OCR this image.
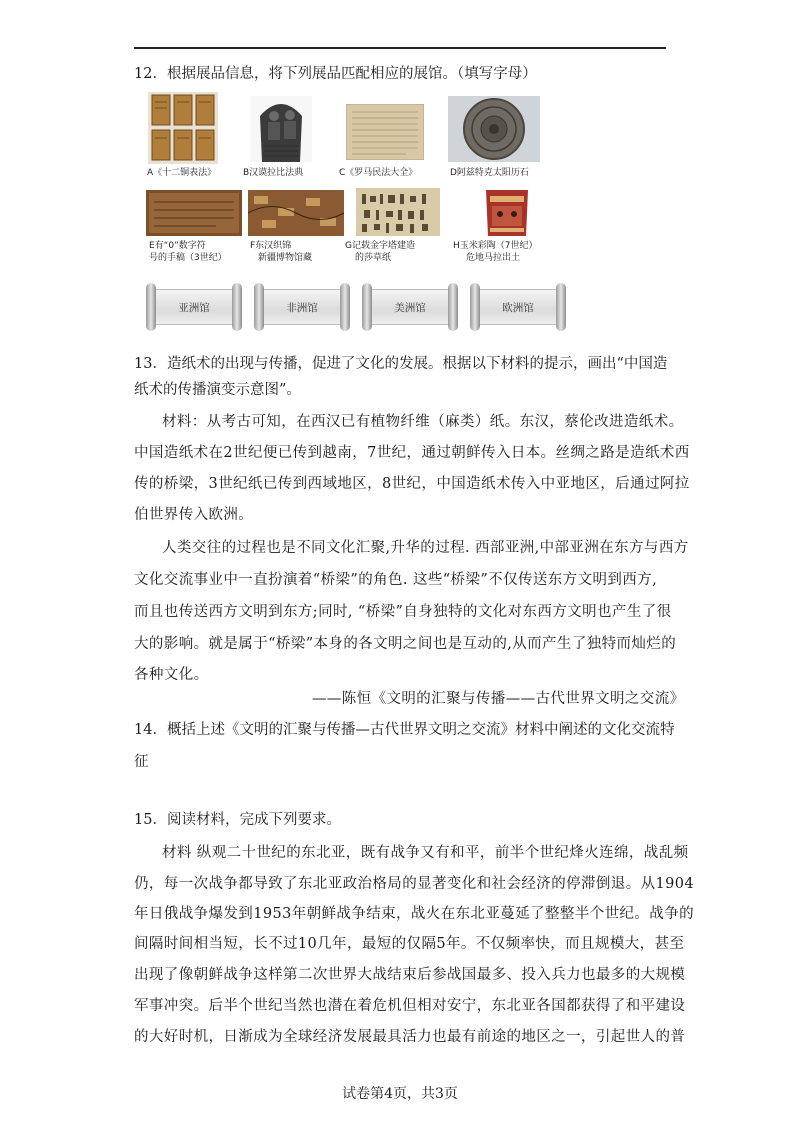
12．根据展品信息，将下列展品匹配相应的展馆。（填写字母）
A《十二铜表法》	B汉谟拉比法典	C《罗马民法大全》	D阿兹特克太阳历石
E有“0”数字符
号的手稿（3世纪）
F东汉织锦
新疆博物馆藏
G记载金字塔建造
的莎草纸
H玉米彩陶（7世纪）
危地马拉出土
亚洲馆	非洲馆	美洲馆	欧洲馆
13．造纸术的出现与传播，促进了文化的发展。根据以下材料的提示，画出“中国造
纸术的传播演变示意图”。
材料：从考古可知，在西汉已有植物纤维（麻类）纸。东汉，蔡伦改进造纸术。
中国造纸术在2世纪便已传到越南，7世纪，通过朝鲜传入日本。丝绸之路是造纸术西
传的桥梁，3世纪纸已传到西域地区，8世纪，中国造纸术传入中亚地区，后通过阿拉
伯世界传入欧洲。
人类交往的过程也是不同文化汇聚,升华的过程. 西部亚洲,中部亚洲在东方与西方
文化交流事业中一直扮演着“桥梁”的角色. 这些“桥梁”不仅传送东方文明到西方,
而且也传送西方文明到东方;同时, “桥梁”自身独特的文化对东西方文明也产生了很
大的影响。就是属于“桥梁”本身的各文明之间也是互动的,从而产生了独特而灿烂的
各种文化。
——陈恒《文明的汇聚与传播——古代世界文明之交流》
14．概括上述《文明的汇聚与传播—古代世界文明之交流》材料中阐述的文化交流特
征
15．阅读材料，完成下列要求。
材料 纵观二十世纪的东北亚，既有战争又有和平，前半个世纪烽火连绵，战乱频
仍，每一次战争都导致了东北亚政治格局的显著变化和社会经济的停滞倒退。从1904
年日俄战争爆发到1953年朝鲜战争结束，战火在东北亚蔓延了整整半个世纪。战争的
间隔时间相当短，长不过10几年，最短的仅隔5年。不仅频率快，而且规模大，甚至
出现了像朝鲜战争这样第二次世界大战结束后参战国最多、投入兵力也最多的大规模
军事冲突。后半个世纪当然也潜在着危机但相对安宁，东北亚各国都获得了和平建设
的大好时机，日渐成为全球经济发展最具活力也最有前途的地区之一，引起世人的普
试卷第4页，共3页
